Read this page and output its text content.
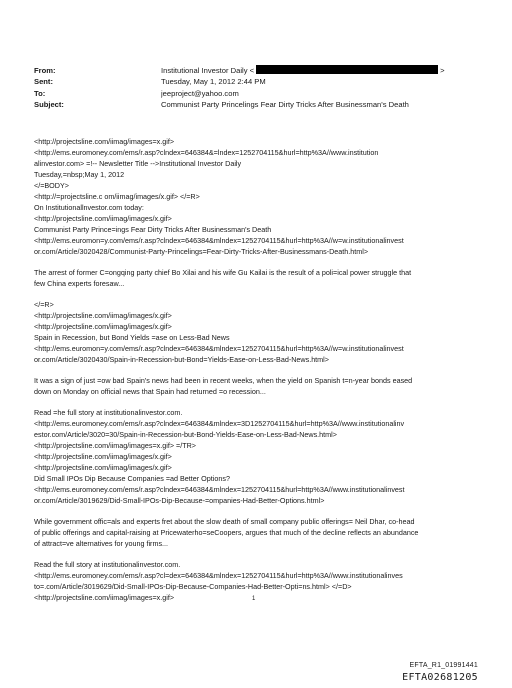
From:	Institutional Investor Daily <	>
Sent:	Tuesday, May 1, 2012 2:44 PM
To:	jeeproject@yahoo.com
Subject:	Communist Party Princelings Fear Dirty Tricks After Businessman's Death
<http://projectsline.com/iimag/images=x.gif>
<http://ems.euromoney.com/ems/r.asp?clndex=646384&=lndex=1252704115&hurl=http%3A//www.institution
alinvestor.com> =!-- Newsletter Title -->Institutional Investor Daily
Tuesday,=nbsp;May 1, 2012
</=BODY>
<http://=projectsline.c om/iimag/images/x.gif> </=R>
On Institutionallnvestor.com today:
<http://projectsline.com/iimag/images/x.gif>
Communist Party Prince=ings Fear Dirty Tricks After Businessman's Death
<http://ems.euromon=y.com/ems/r.asp?clndex=646384&mlndex=1252704115&hurl=http%3A//w=w.institutionalinvest
or.com/Article/3020428/Communist-Party-Princelings=Fear-Dirty-Tricks-After-Businessmans-Death.html>
The arrest of former C=ongqing party chief Bo Xilai and his wife Gu Kailai is the result of a poli=ical power struggle that
few China experts foresaw...
</=R>
<http://projectsline.com/iimag/images/x.gif>
<http://projectsline.com/iimag/images/x.gif>
Spain in Recession, but Bond Yields =ase on Less-Bad News
<http://ems.euromon=y.com/ems/r.asp?clndex=646384&mlndex=1252704115&hurl=http%3A//w=w.institutionalinvest
or.com/Article/3020430/Spain-in-Recession-but-Bond=Yields-Ease-on-Less-Bad-News.html>
It was a sign of just =ow bad Spain's news had been in recent weeks, when the yield on Spanish t=n-year bonds eased
down on Monday on official news that Spain had returned =o recession...
Read =he full story at institutionalinvestor.com.
<http://ems.euromoney.com/ems/r.asp?clndex=646384&mlndex=3D1252704115&hurl=http%3A//www.institutionalinv
estor.com/Article/3020=30/Spain-in-Recession-but-Bond-Yields-Ease-on-Less-Bad-News.html>
<http://projectsline.com/iimag/images=x.gif> =/TR>
<http://projectsline.com/iimag/images/x.gif>
<http://projectsline.com/iimag/images/x.gif>
Did Small IPOs Dip Because Companies =ad Better Options?
<http://ems.euromoney.com/ems/r.asp?clndex=646384&mlndex=1252704115&hurl=http%3A//www.institutionalinvest
or.com/Article/3019629/Did-Small-IPOs-Dip-Because-=ompanies-Had-Better-Options.html>
While government offic=als and experts fret about the slow death of small company public offerings= Neil Dhar, co-head
of public offerings and capital-raising at Pricewaterho=seCoopers, argues that much of the decline reflects an abundance
of attract=ve alternatives for young firms...
Read the full story at institutionalinvestor.com.
<http://ems.euromoney.com/ems/r.asp?cl=dex=646384&mlndex=1252704115&hurl=http%3A//www.institutionalinves
to=.com/Article/3019629/Did-Small-IPOs-Dip-Because-Companies-Had-Better-Opti=ns.html> </=D>
<http://projectsline.com/iimag/images=x.gif>	1
EFTA_R1_01991441
EFTA02681205
